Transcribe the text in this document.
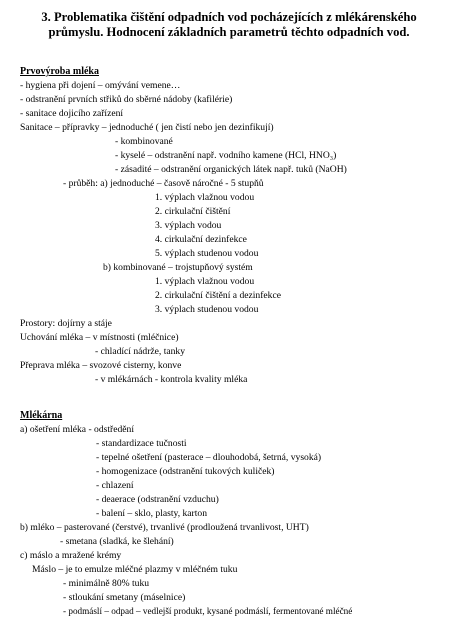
3. Problematika čištění odpadních vod pocházejících z mlékárenského
průmyslu. Hodnocení základních parametrů těchto odpadních vod.
Prvovýroba mléka
- hygiena při dojení – omývání vemene…
- odstranění prvních střiků do sběrné nádoby (kafilérie)
- sanitace dojicího zařízení
Sanitace – přípravky – jednoduché ( jen čistí nebo jen dezinfikují)
- kombinované
- kyselé – odstranění např. vodního kamene (HCl, HNO₃)
- zásadité – odstranění organických látek např. tuků (NaOH)
- průběh: a) jednoduché – časově náročné - 5 stupňů
1. výplach vlažnou vodou
2. cirkulační čištění
3. výplach vodou
4. cirkulační dezinfekce
5. výplach studenou vodou
b) kombinované – trojstupňový systém
1. výplach vlažnou vodou
2. cirkulační čištění a dezinfekce
3. výplach studenou vodou
Prostory: dojírny a stáje
Uchování mléka – v místnosti (mléčnice)
- chladící nádrže, tanky
Přeprava mléka – svozové cisterny, konve
- v mlékárnách - kontrola kvality mléka
Mlékárna
a) ošetření mléka - odstředění
- standardizace tučnosti
- tepelné ošetření (pasterace – dlouhodobá, šetrná, vysoká)
- homogenizace (odstranění tukových kuliček)
- chlazení
- deaerace (odstranění vzduchu)
- balení – sklo, plasty, karton
b) mléko – pasterované (čerstvé), trvanlivé (prodloužená trvanlivost, UHT)
- smetana (sladká, ke šlehání)
c) máslo a mražené krémy
Máslo – je to emulze mléčné plazmy v mléčném tuku
- minimálně 80% tuku
- stloukání smetany (máselnice)
- podmáslí – odpad – vedlejší produkt, kysané podmáslí, fermentované mléčné
